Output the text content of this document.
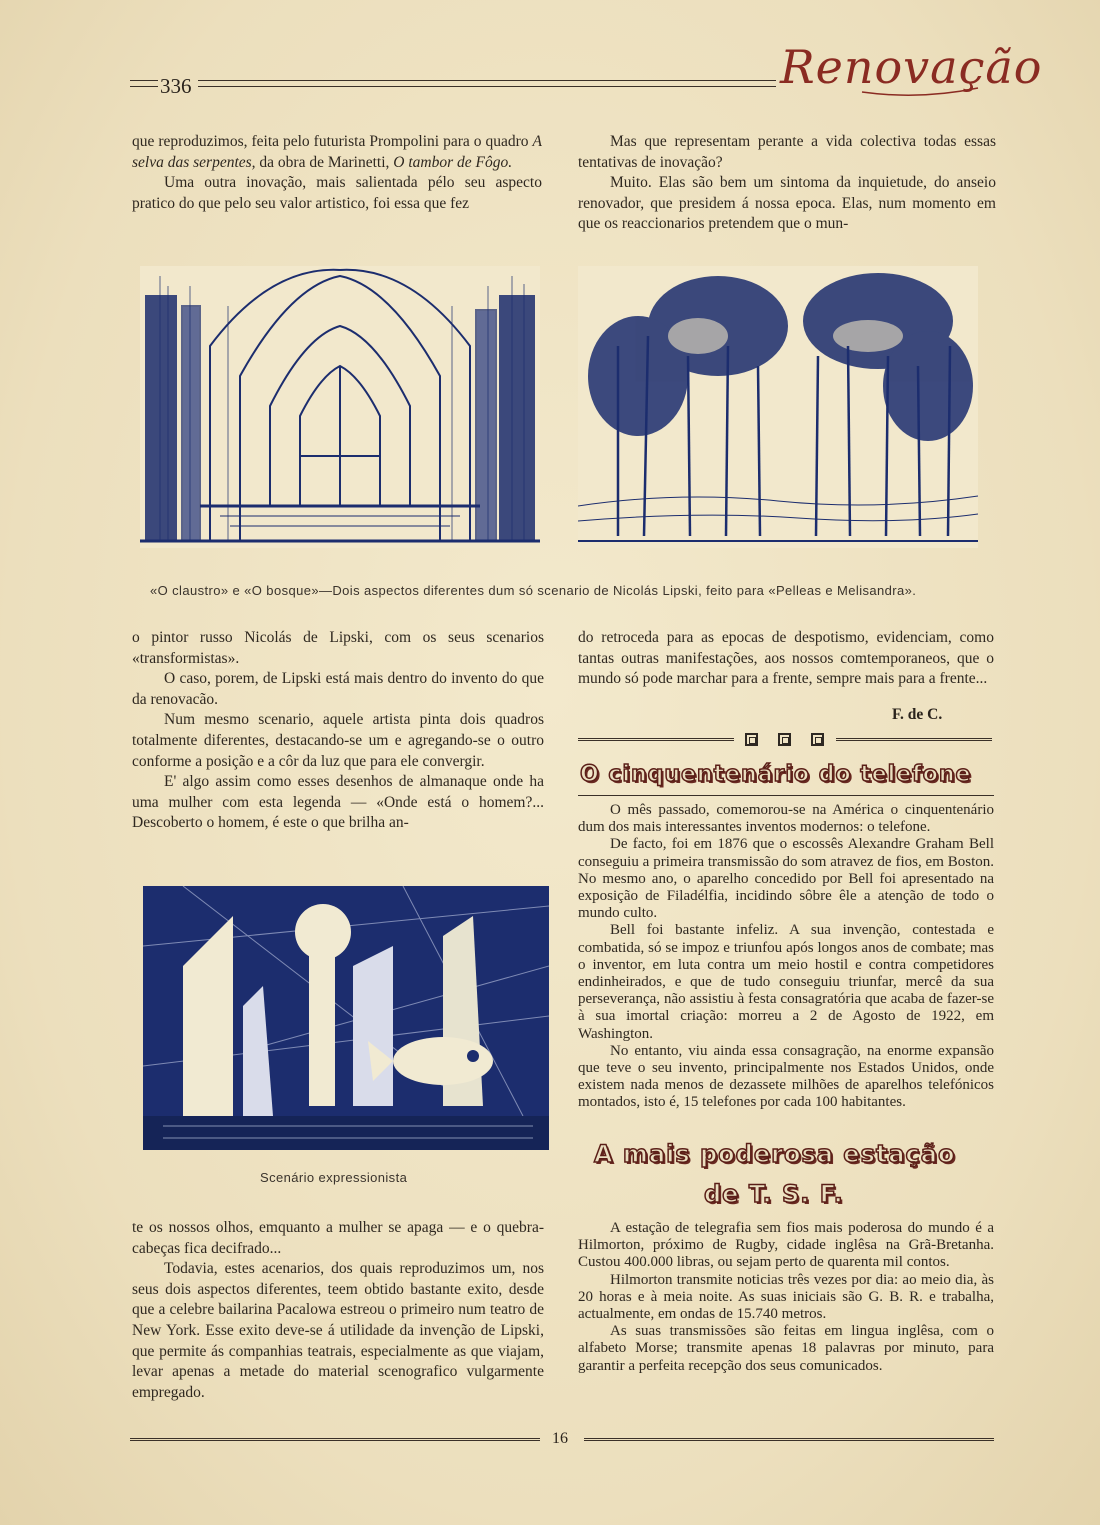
336	Renovação

que reproduzimos, feita pelo futurista Prompolini para o quadro A selva das serpentes, da obra de Marinetti, O tambor de Fôgo.

Uma outra inovação, mais salientada pélo seu aspecto pratico do que pelo seu valor artistico, foi essa que fez

Mas que representam perante a vida colectiva todas essas tentativas de inovação?

Muito. Elas são bem um sintoma da inquietude, do anseio renovador, que presidem á nossa epoca. Elas, num momento em que os reaccionarios pretendem que o mun-

«O claustro» e «O bosque»—Dois aspectos diferentes dum só scenario de Nicolás Lipski, feito para «Pelleas e Melisandra».

o pintor russo Nicolás de Lipski, com os seus scenarios «transformistas».

O caso, porem, de Lipski está mais dentro do invento do que da renovacão.

Num mesmo scenario, aquele artista pinta dois quadros totalmente diferentes, destacando-se um e agregando-se o outro conforme a posição e a côr da luz que para ele convergir.

E' algo assim como esses desenhos de almanaque onde ha uma mulher com esta legenda — «Onde está o homem?... Descoberto o homem, é este o que brilha an-

do retroceda para as epocas de despotismo, evidenciam, como tantas outras manifestações, aos nossos comtemporaneos, que o mundo só pode marchar para a frente, sempre mais para a frente...

F. de C.
O cinquentenário do telefone

O mês passado, comemorou-se na América o cinquentenário dum dos mais interessantes inventos modernos: o telefone.

De facto, foi em 1876 que o escossês Alexandre Graham Bell conseguiu a primeira transmissão do som atravez de fios, em Boston. No mesmo ano, o aparelho concedido por Bell foi apresentado na exposição de Filadélfia, incidindo sôbre êle a atenção de todo o mundo culto.

Bell foi bastante infeliz. A sua invenção, contestada e combatida, só se impoz e triunfou após longos anos de combate; mas o inventor, em luta contra um meio hostil e contra competidores endinheirados, e que de tudo conseguiu triunfar, mercê da sua perseverança, não assistiu à festa consagratória que acaba de fazer-se à sua imortal criação: morreu a 2 de Agosto de 1922, em Washington.

No entanto, viu ainda essa consagração, na enorme expansão que teve o seu invento, principalmente nos Estados Unidos, onde existem nada menos de dezassete milhões de aparelhos telefónicos montados, isto é, 15 telefones por cada 100 habitantes.

Scenário expressionista

te os nossos olhos, emquanto a mulher se apaga — e o quebra-cabeças fica decifrado...

Todavia, estes acenarios, dos quais reproduzimos um, nos seus dois aspectos diferentes, teem obtido bastante exito, desde que a celebre bailarina Pacalowa estreou o primeiro num teatro de New York. Esse exito deve-se á utilidade da invenção de Lipski, que permite ás companhias teatrais, especialmente as que viajam, levar apenas a metade do material scenografico vulgarmente empregado.

A mais poderosa estação
de T. S. F.

A estação de telegrafia sem fios mais poderosa do mundo é a Hilmorton, próximo de Rugby, cidade inglêsa na Grã-Bretanha. Custou 400.000 libras, ou sejam perto de quarenta mil contos.

Hilmorton transmite noticias três vezes por dia: ao meio dia, às 20 horas e à meia noite. As suas iniciais são G. B. R. e trabalha, actualmente, em ondas de 15.740 metros.

As suas transmissões são feitas em lingua inglêsa, com o alfabeto Morse; transmite apenas 18 palavras por minuto, para garantir a perfeita recepção dos seus comunicados.

16
